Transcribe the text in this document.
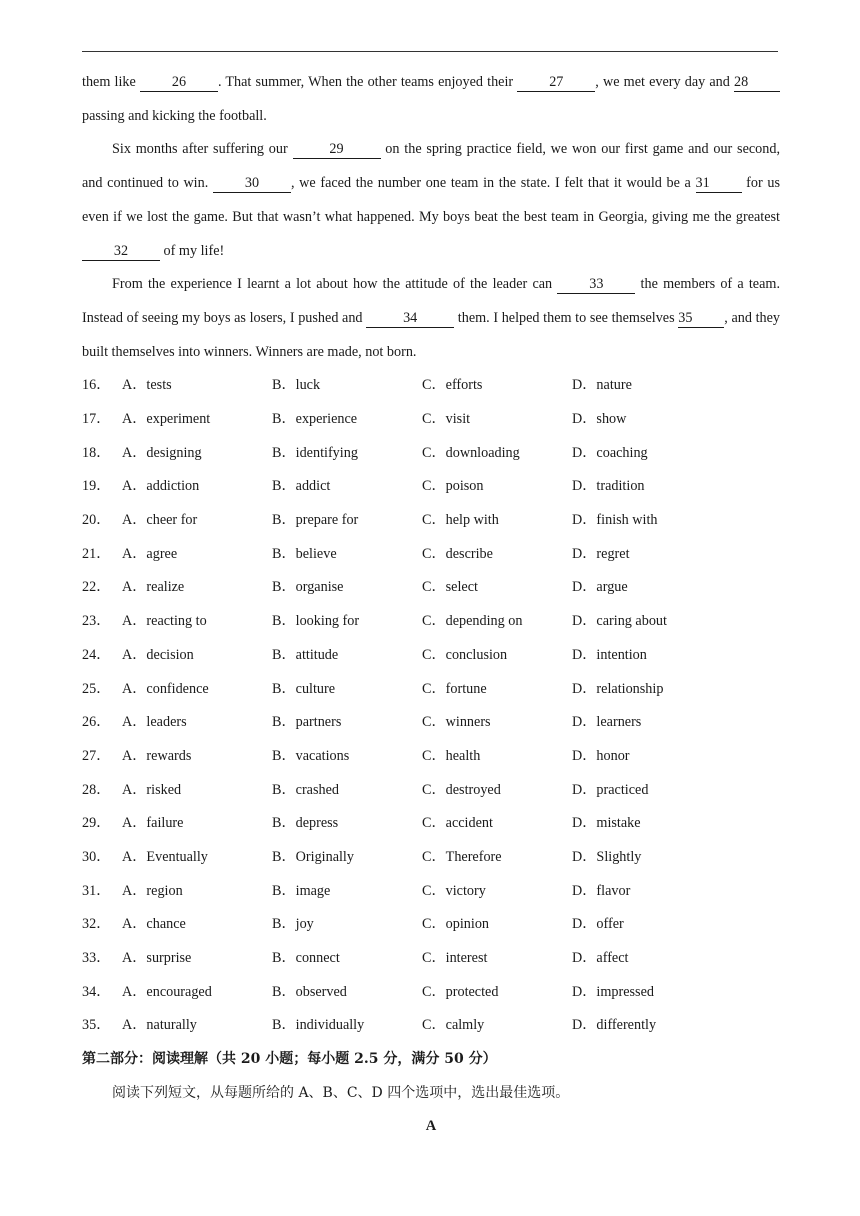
them like 26 . That summer, When the other teams enjoyed their 27 , we met every day and 28 passing and kicking the football.

Six months after suffering our	29	on the spring practice field, we won our first game and our second, and continued to win. 30 , we faced the number one team in the state. I felt that it would be a 31 for us even if we lost the game. But that wasn’t what happened. My boys beat the best team in Georgia, giving me the greatest 32 of my life!

From the experience I learnt a lot about how the attitude of the leader can 33 the members of a team. Instead of seeing my boys as losers, I pushed and	34	them. I helped them to see themselves 35 , and they built themselves into winners. Winners are made, not born.

16． A．tests	B．luck	C．efforts	D．nature
17． A．experiment	B．experience	C．visit	D．show
18． A．designing	B．identifying	C．downloading	D．coaching
19． A．addiction	B．addict	C．poison	D．tradition
20． A．cheer for	B．prepare for	C．help with	D．finish with
21． A．agree	B．believe	C．describe	D．regret
22． A．realize	B．organise	C．select	D．argue
23． A．reacting to	B．looking for	C．depending on	D．caring about
24． A．decision	B．attitude	C．conclusion	D．intention
25． A．confidence	B．culture	C．fortune	D．relationship
26． A．leaders	B．partners	C．winners	D．learners
27． A．rewards	B．vacations	C．health	D．honor
28． A．risked	B．crashed	C．destroyed	D．practiced
29． A．failure	B．depress	C．accident	D．mistake
30． A．Eventually	B．Originally	C．Therefore	D．Slightly
31． A．region	B．image	C．victory	D．flavor
32． A．chance	B．joy	C．opinion	D．offer
33． A．surprise	B．connect	C．interest	D．affect
34． A．encouraged	B．observed	C．protected	D．impressed
35． A．naturally	B．individually	C．calmly	D．differently

第二部分：阅读理解（共 20 小题；每小题 2.5 分，满分 50 分）

阅读下列短文，从每题所给的 A、B、C、D 四个选项中，选出最佳选项。

A
